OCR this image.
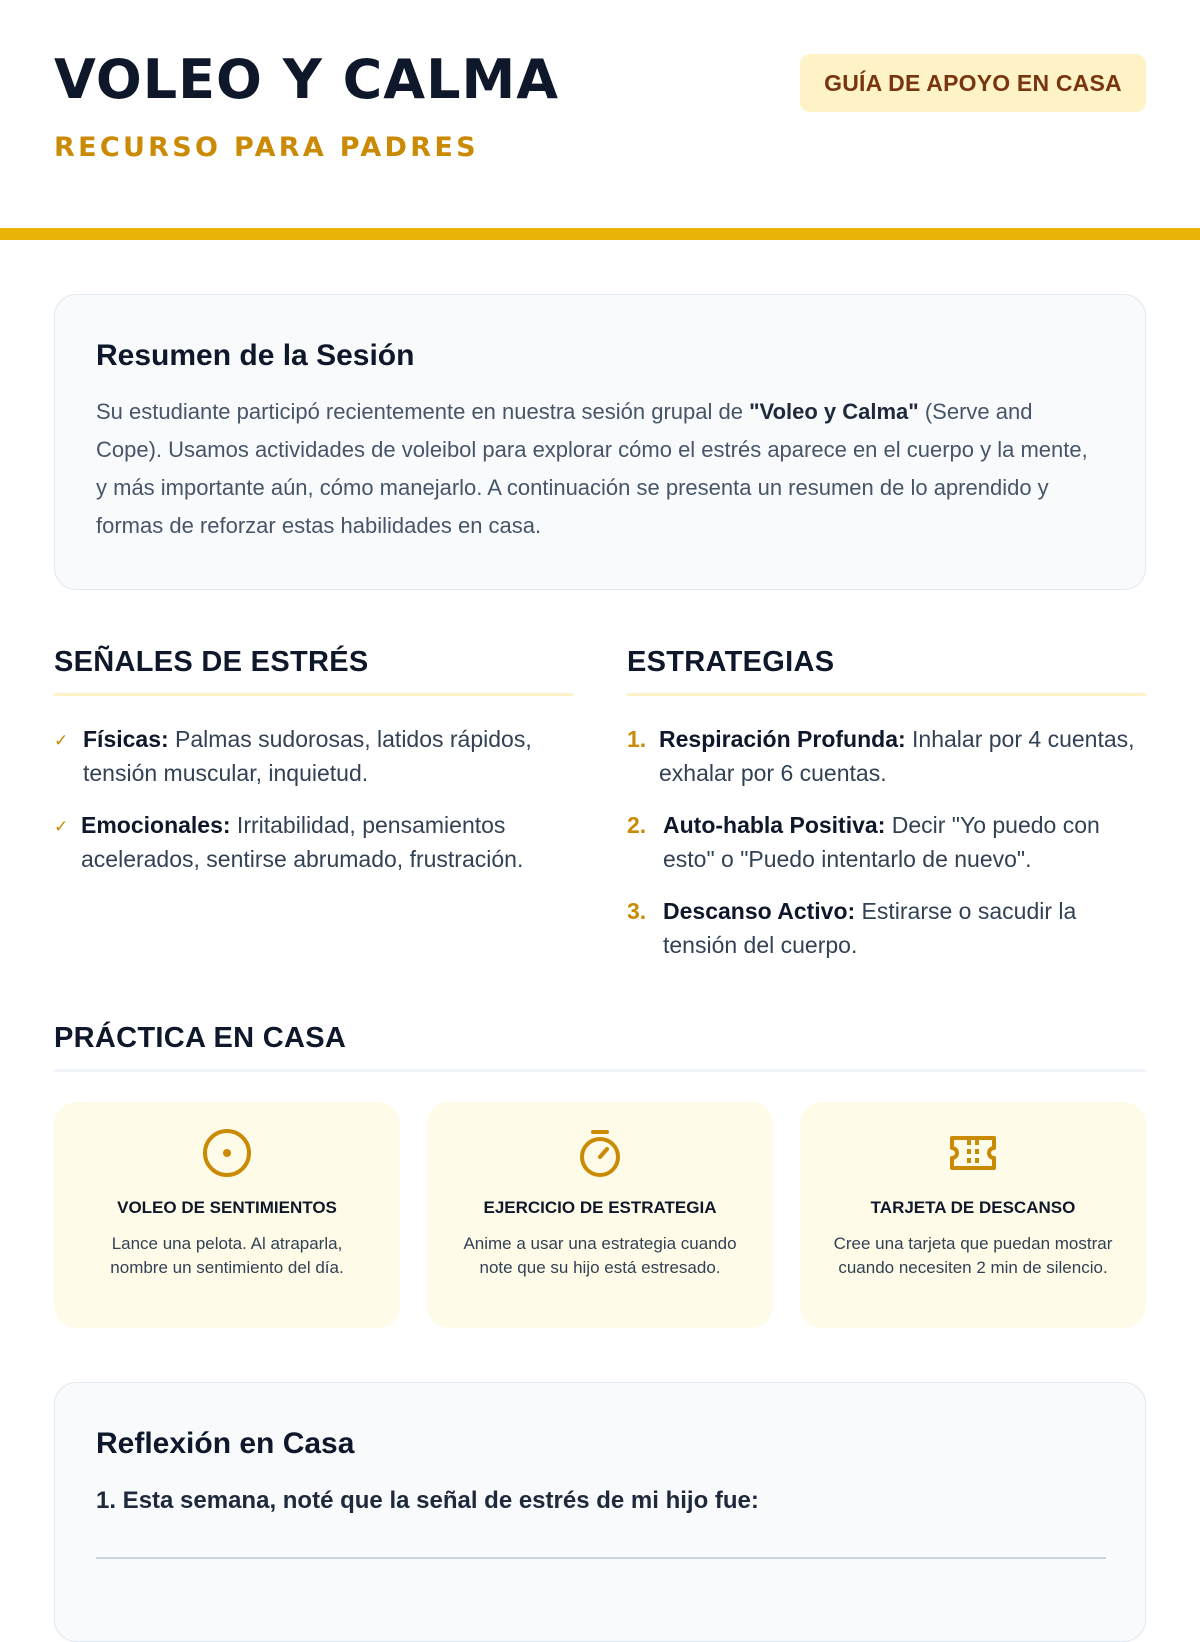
VOLEO Y CALMA
RECURSO PARA PADRES
GUÍA DE APOYO EN CASA
Resumen de la Sesión

Su estudiante participó recientemente en nuestra sesión grupal de "Voleo y Calma" (Serve and Cope). Usamos actividades de voleibol para explorar cómo el estrés aparece en el cuerpo y la mente, y más importante aún, cómo manejarlo. A continuación se presenta un resumen de lo aprendido y formas de reforzar estas habilidades en casa.

SEÑALES DE ESTRÉS
✓ Físicas: Palmas sudorosas, latidos rápidos, tensión muscular, inquietud.
✓ Emocionales: Irritabilidad, pensamientos acelerados, sentirse abrumado, frustración.
ESTRATEGIAS
1. Respiración Profunda: Inhalar por 4 cuentas, exhalar por 6 cuentas.
2. Auto-habla Positiva: Decir "Yo puedo con esto" o "Puedo intentarlo de nuevo".
3. Descanso Activo: Estirarse o sacudir la tensión del cuerpo.
PRÁCTICA EN CASA
VOLEO DE SENTIMIENTOS
Lance una pelota. Al atraparla, nombre un sentimiento del día.
EJERCICIO DE ESTRATEGIA
Anime a usar una estrategia cuando note que su hijo está estresado.
TARJETA DE DESCANSO
Cree una tarjeta que puedan mostrar cuando necesiten 2 min de silencio.
Reflexión en Casa

1. Esta semana, noté que la señal de estrés de mi hijo fue:
